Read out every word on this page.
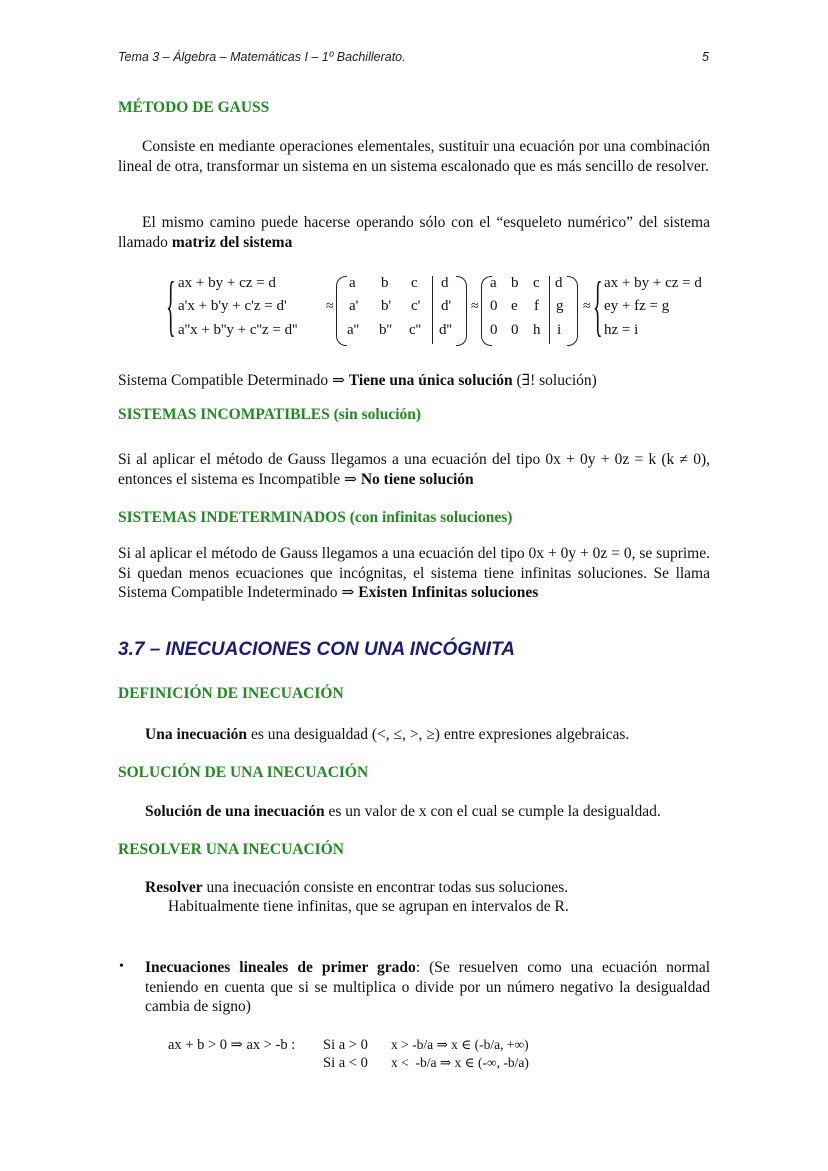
Tema 3 – Álgebra – Matemáticas I – 1º Bachillerato.	5
MÉTODO DE GAUSS

Consiste en mediante operaciones elementales, sustituir una ecuación por una combinación lineal de otra, transformar un sistema en un sistema escalonado que es más sencillo de resolver.

El mismo camino puede hacerse operando sólo con el “esqueleto numérico” del sistema llamado matriz del sistema

{ ax + by + cz = d
a'x + b'y + c'z = d'
a''x + b''y + c''z = d''
≈
a b c d
a' b' c' d'
a'' b'' c'' d''
≈
a b c d
0 e f g
0 0 h i
≈ { ax + by + cz = d
ey + fz = g
hz = i

Sistema Compatible Determinado ⇒ Tiene una única solución (∃! solución)

SISTEMAS INCOMPATIBLES (sin solución)

Si al aplicar el método de Gauss llegamos a una ecuación del tipo 0x + 0y + 0z = k (k ≠ 0), entonces el sistema es Incompatible ⇒ No tiene solución

SISTEMAS INDETERMINADOS (con infinitas soluciones)

Si al aplicar el método de Gauss llegamos a una ecuación del tipo 0x + 0y + 0z = 0, se suprime. Si quedan menos ecuaciones que incógnitas, el sistema tiene infinitas soluciones. Se llama Sistema Compatible Indeterminado ⇒ Existen Infinitas soluciones

3.7 – INECUACIONES CON UNA INCÓGNITA
DEFINICIÓN DE INECUACIÓN
Una inecuación es una desigualdad (<, ≤, >, ≥) entre expresiones algebraicas.
SOLUCIÓN DE UNA INECUACIÓN
Solución de una inecuación es un valor de x con el cual se cumple la desigualdad.
RESOLVER UNA INECUACIÓN
Resolver una inecuación consiste en encontrar todas sus soluciones.
Habitualmente tiene infinitas, que se agrupan en intervalos de R.
• Inecuaciones lineales de primer grado: (Se resuelven como una ecuación normal teniendo en cuenta que si se multiplica o divide por un número negativo la desigualdad cambia de signo)
ax + b > 0 ⇒ ax > -b : Si a > 0 x > -b/a ⇒ x ∈ (-b/a, +∞)
Si a < 0 x <  -b/a ⇒ x ∈ (-∞, -b/a)
